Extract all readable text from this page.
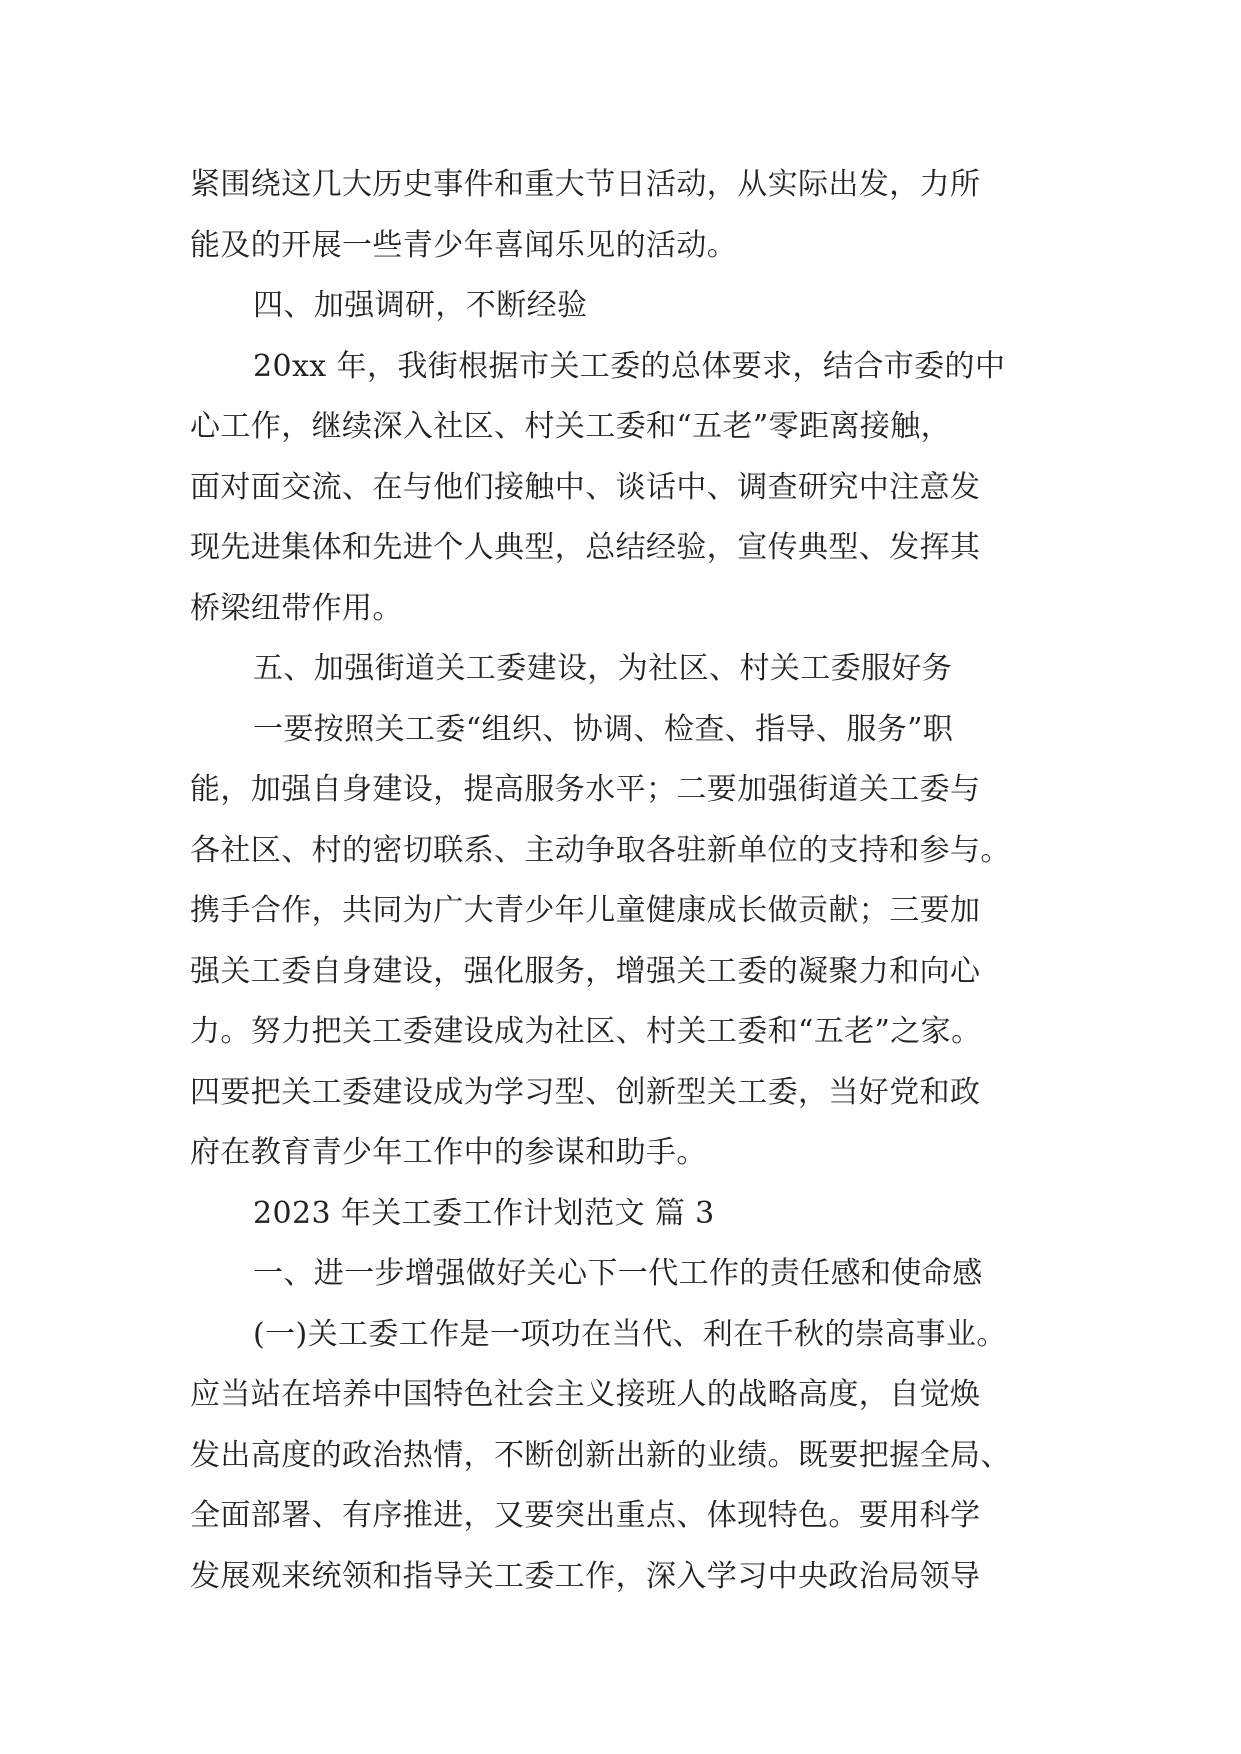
紧围绕这几大历史事件和重大节日活动，从实际出发，力所
能及的开展一些青少年喜闻乐见的活动。
四、加强调研，不断经验
20xx 年，我街根据市关工委的总体要求，结合市委的中
心工作，继续深入社区、村关工委和“五老”零距离接触，
面对面交流、在与他们接触中、谈话中、调查研究中注意发
现先进集体和先进个人典型，总结经验，宣传典型、发挥其
桥梁纽带作用。
五、加强街道关工委建设，为社区、村关工委服好务
一要按照关工委“组织、协调、检查、指导、服务”职
能，加强自身建设，提高服务水平；二要加强街道关工委与
各社区、村的密切联系、主动争取各驻新单位的支持和参与。
携手合作，共同为广大青少年儿童健康成长做贡献；三要加
强关工委自身建设，强化服务，增强关工委的凝聚力和向心
力。努力把关工委建设成为社区、村关工委和“五老”之家。
四要把关工委建设成为学习型、创新型关工委，当好党和政
府在教育青少年工作中的参谋和助手。
2023 年关工委工作计划范文 篇 3
一、进一步增强做好关心下一代工作的责任感和使命感
(一)关工委工作是一项功在当代、利在千秋的崇高事业。
应当站在培养中国特色社会主义接班人的战略高度，自觉焕
发出高度的政治热情，不断创新出新的业绩。既要把握全局、
全面部署、有序推进，又要突出重点、体现特色。要用科学
发展观来统领和指导关工委工作，深入学习中央政治局领导
